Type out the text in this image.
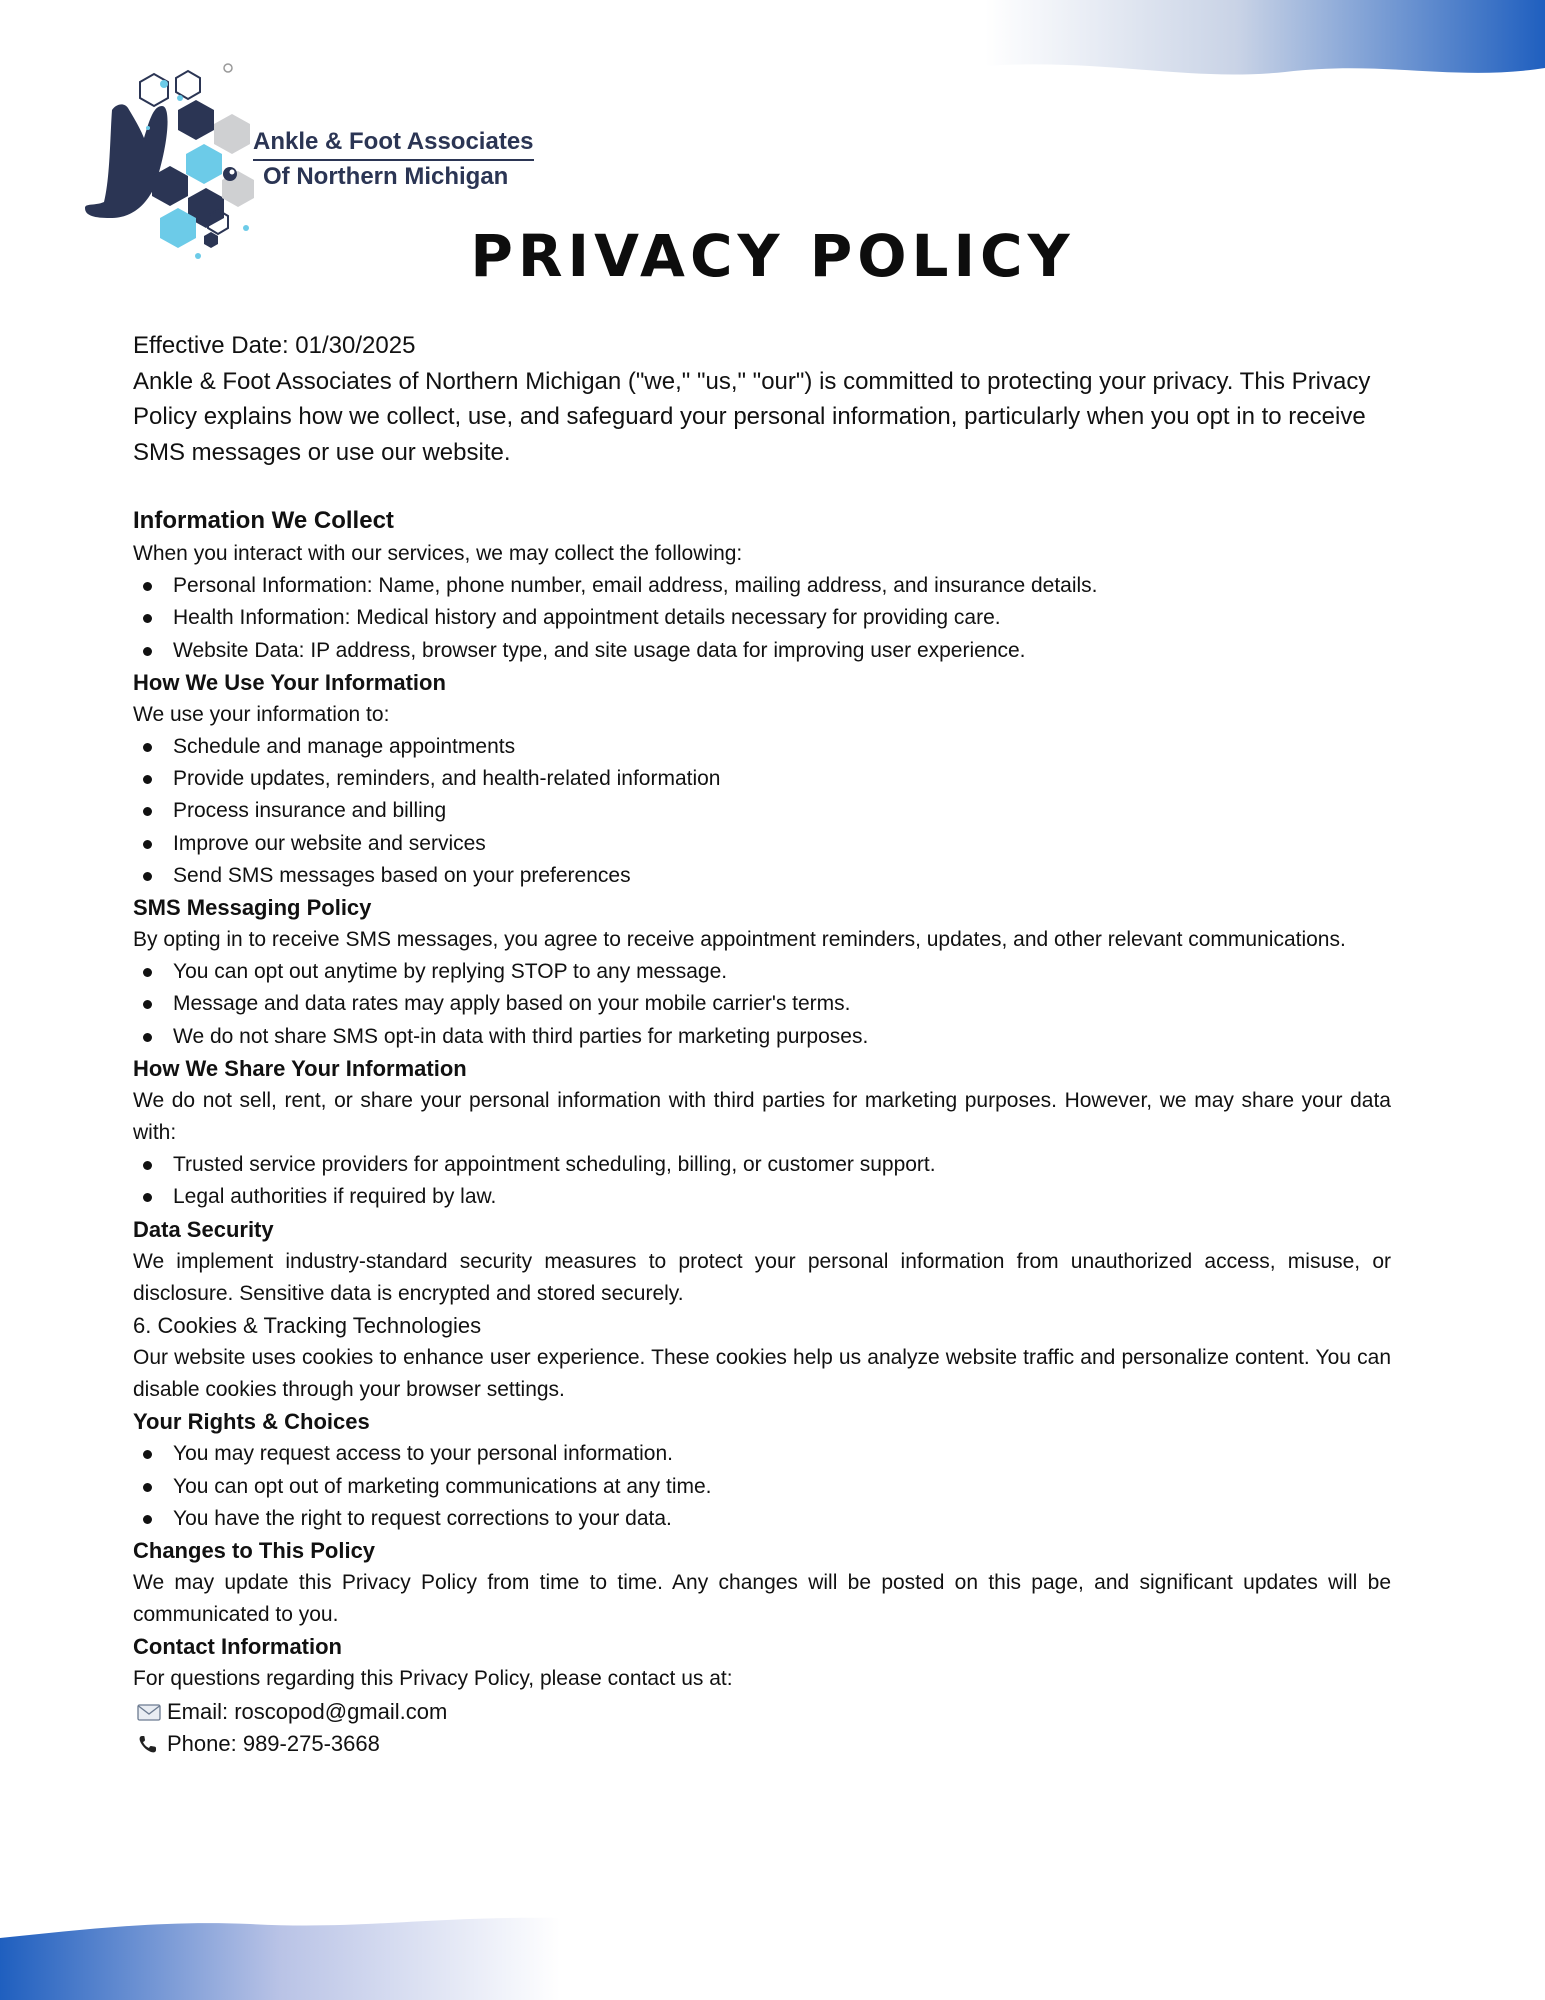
Ankle & Foot Associates
Of Northern Michigan
PRIVACY POLICY

Effective Date: 01/30/2025

Ankle & Foot Associates of Northern Michigan ("we," "us," "our") is committed to protecting your privacy. This Privacy Policy explains how we collect, use, and safeguard your personal information, particularly when you opt in to receive SMS messages or use our website.

Information We Collect

When you interact with our services, we may collect the following:

Personal Information: Name, phone number, email address, mailing address, and insurance details.
Health Information: Medical history and appointment details necessary for providing care.
Website Data: IP address, browser type, and site usage data for improving user experience.
How We Use Your Information

We use your information to:

Schedule and manage appointments
Provide updates, reminders, and health-related information
Process insurance and billing
Improve our website and services
Send SMS messages based on your preferences
SMS Messaging Policy

By opting in to receive SMS messages, you agree to receive appointment reminders, updates, and other relevant communications.

You can opt out anytime by replying STOP to any message.
Message and data rates may apply based on your mobile carrier's terms.
We do not share SMS opt-in data with third parties for marketing purposes.
How We Share Your Information

We do not sell, rent, or share your personal information with third parties for marketing purposes. However, we may share your data with:

Trusted service providers for appointment scheduling, billing, or customer support.
Legal authorities if required by law.
Data Security

We implement industry-standard security measures to protect your personal information from unauthorized access, misuse, or disclosure. Sensitive data is encrypted and stored securely.

6. Cookies & Tracking Technologies

Our website uses cookies to enhance user experience. These cookies help us analyze website traffic and personalize content. You can disable cookies through your browser settings.

Your Rights & Choices
You may request access to your personal information.
You can opt out of marketing communications at any time.
You have the right to request corrections to your data.
Changes to This Policy

We may update this Privacy Policy from time to time. Any changes will be posted on this page, and significant updates will be communicated to you.

Contact Information

For questions regarding this Privacy Policy, please contact us at:

Email: roscopod@gmail.com
Phone: 989-275-3668
